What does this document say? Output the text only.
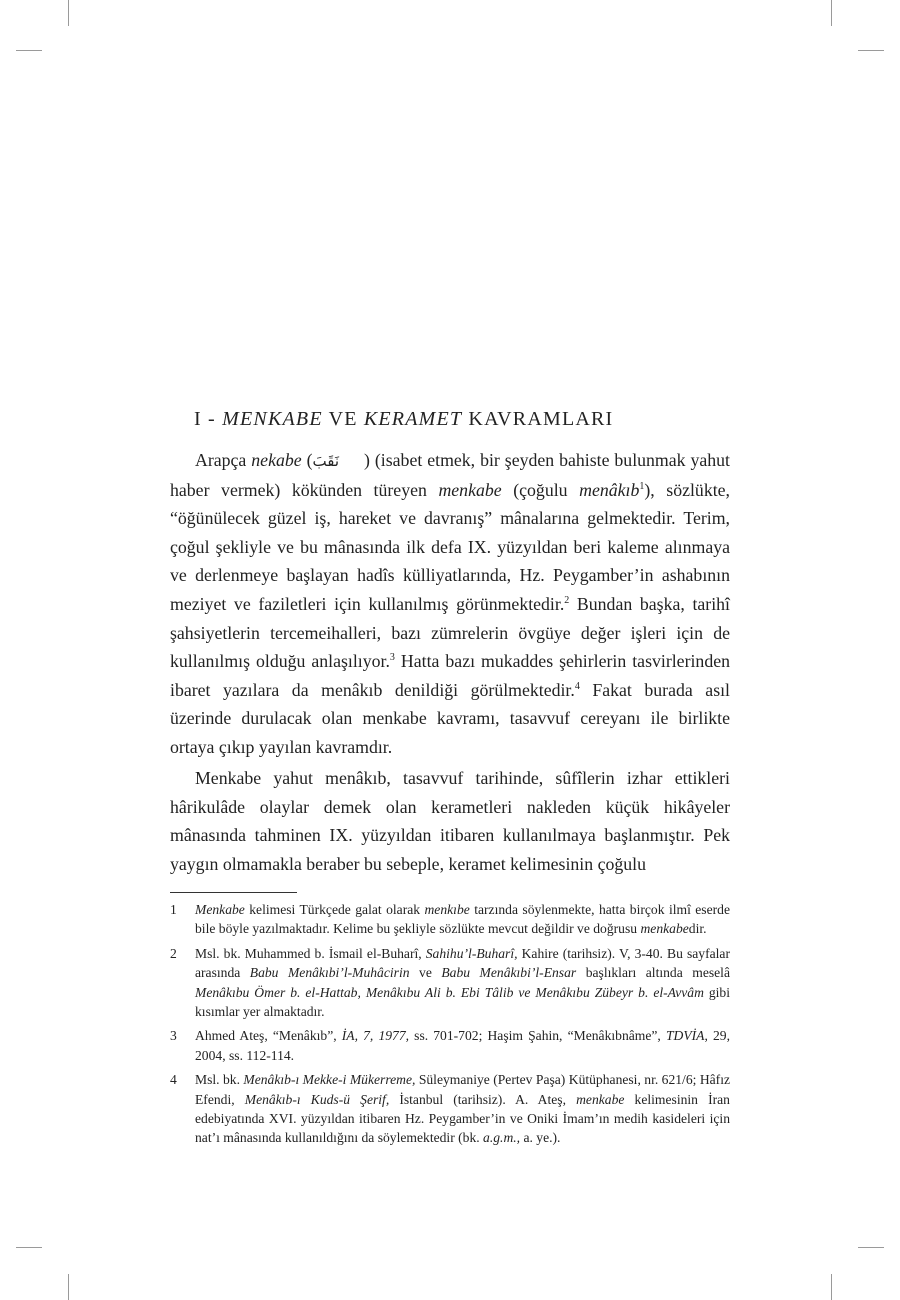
I - MENKABE VE KERAMET KAVRAMLARI

Arapça nekabe (نَقَبَ ) (isabet etmek, bir şeyden bahiste bulunmak yahut haber vermek) kökünden türeyen menkabe (çoğulu menâkıb$^1$), sözlükte, “öğünülecek güzel iş, hareket ve davranış” mânalarına gelmektedir. Terim, çoğul şekliyle ve bu mânasında ilk defa IX. yüzyıldan beri kaleme alınmaya ve derlenmeye başlayan hadîs külliyatlarında, Hz. Peygamber’in ashabının meziyet ve faziletleri için kullanılmış görünmektedir.$^2$ Bundan başka, tarihî şahsiyetlerin tercemeihalleri, bazı zümrelerin övgüye değer işleri için de kullanılmış olduğu anlaşılıyor.$^3$ Hatta bazı mukaddes şehirlerin tasvirlerinden ibaret yazılara da menâkıb denildiği görülmektedir.$^4$ Fakat burada asıl üzerinde durulacak olan menkabe kavramı, tasavvuf cereyanı ile birlikte ortaya çıkıp yayılan kavramdır.

Menkabe yahut menâkıb, tasavvuf tarihinde, sûfîlerin izhar ettikleri hârikulâde olaylar demek olan kerametleri nakleden küçük hikâyeler mânasında tahminen IX. yüzyıldan itibaren kullanılmaya başlanmıştır. Pek yaygın olmamakla beraber bu sebeple, keramet kelimesinin çoğulu

1	Menkabe kelimesi Türkçede galat olarak menkıbe tarzında söylenmekte, hatta birçok ilmî eserde bile böyle yazılmaktadır. Kelime bu şekliyle sözlükte mevcut değildir ve doğrusu menkabedir.
2	Msl. bk. Muhammed b. İsmail el-Buharî, Sahihu’l-Buharî, Kahire (tarihsiz). V, 3-40. Bu sayfalar arasında Babu Menâkıbi’l-Muhâcirin ve Babu Menâkıbi’l-Ensar başlıkları altında meselâ Menâkıbu Ömer b. el-Hattab, Menâkıbu Ali b. Ebi Tâlib ve Menâkıbu Zübeyr b. el-Avvâm gibi kısımlar yer almaktadır.
3	Ahmed Ateş, “Menâkıb”, İA, 7, 1977, ss. 701-702; Haşim Şahin, “Menâkıbnâme”, TDVİA, 29, 2004, ss. 112-114.
4	Msl. bk. Menâkıb-ı Mekke-i Mükerreme, Süleymaniye (Pertev Paşa) Kütüphanesi, nr. 621/6; Hâfız Efendi, Menâkıb-ı Kuds-ü Şerif, İstanbul (tarihsiz). A. Ateş, menkabe kelimesinin İran edebiyatında XVI. yüzyıldan itibaren Hz. Peygamber’in ve Oniki İmam’ın medih kasideleri için nat’ı mânasında kullanıldığını da söylemektedir (bk. a.g.m., a. ye.).
